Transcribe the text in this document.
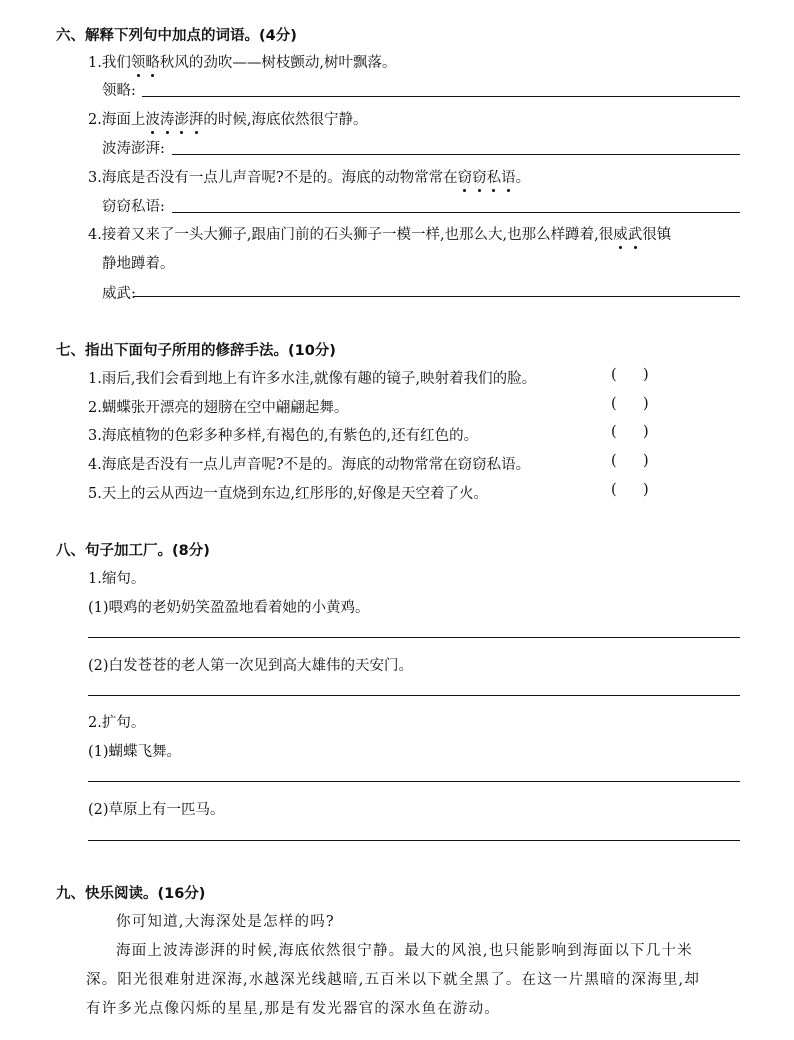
六、解释下列句中加点的词语。(4分)
1.我们领略秋风的劲吹——树枝颤动,树叶飘落。
领略:
2.海面上波涛澎湃的时候,海底依然很宁静。
波涛澎湃:
3.海底是否没有一点儿声音呢?不是的。海底的动物常常在窃窃私语。
窃窃私语:
4.接着又来了一头大狮子,跟庙门前的石头狮子一模一样,也那么大,也那么样蹲着,很威武很镇
静地蹲着。
威武:
七、指出下面句子所用的修辞手法。(10分)
1.雨后,我们会看到地上有许多水洼,就像有趣的镜子,映射着我们的脸。
2.蝴蝶张开漂亮的翅膀在空中翩翩起舞。
3.海底植物的色彩多种多样,有褐色的,有紫色的,还有红色的。
4.海底是否没有一点儿声音呢?不是的。海底的动物常常在窃窃私语。
5.天上的云从西边一直烧到东边,红彤彤的,好像是天空着了火。
( )
( )
( )
( )
( )
八、句子加工厂。(8分)
1.缩句。
(1)喂鸡的老奶奶笑盈盈地看着她的小黄鸡。
(2)白发苍苍的老人第一次见到高大雄伟的天安门。
2.扩句。
(1)蝴蝶飞舞。
(2)草原上有一匹马。
九、快乐阅读。(16分)
你可知道,大海深处是怎样的吗?
海面上波涛澎湃的时候,海底依然很宁静。最大的风浪,也只能影响到海面以下几十米
深。阳光很难射进深海,水越深光线越暗,五百米以下就全黑了。在这一片黑暗的深海里,却
有许多光点像闪烁的星星,那是有发光器官的深水鱼在游动。
